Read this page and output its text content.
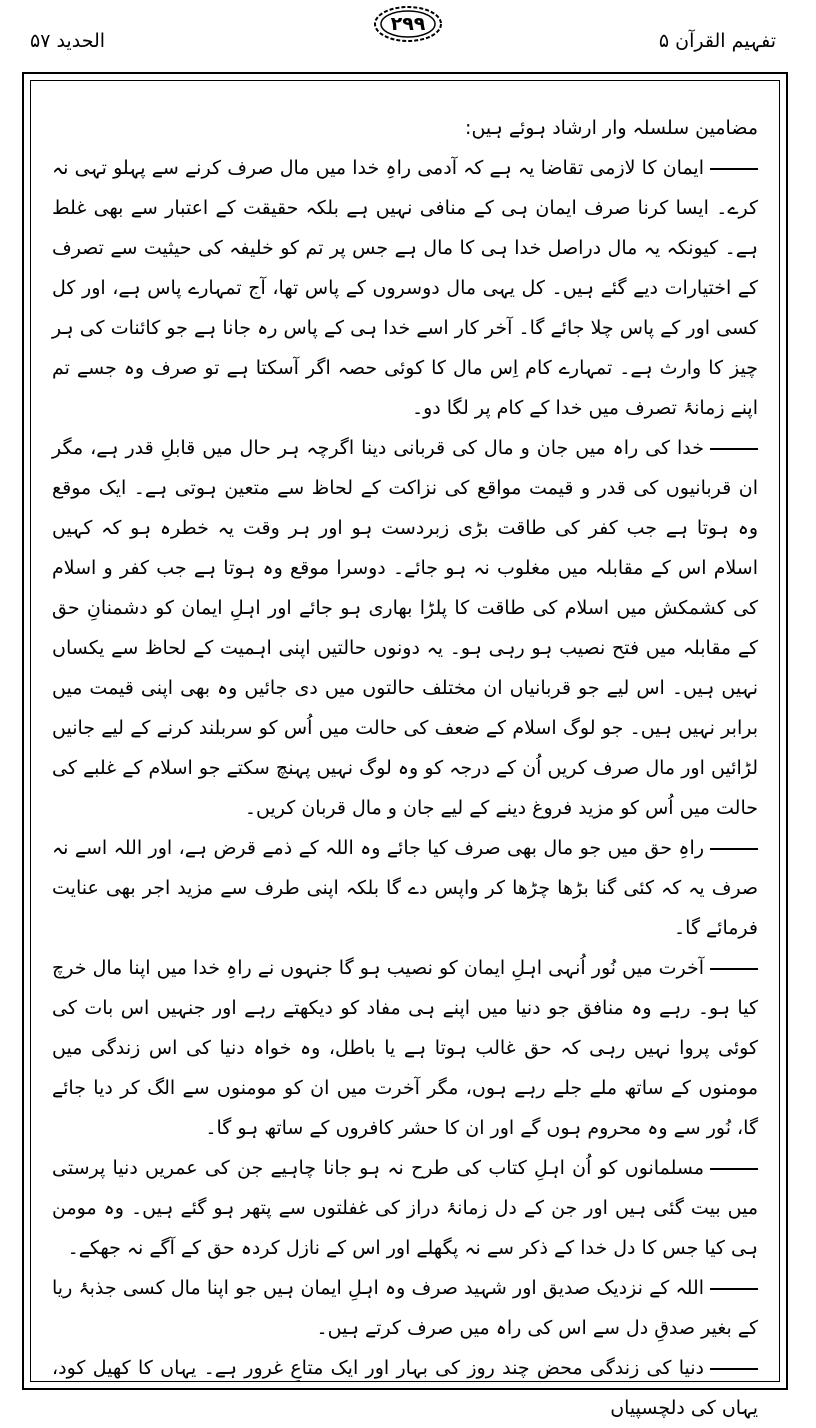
تفہیم القرآن ۵
۲۹۹
الحدید ۵۷

مضامین سلسلہ وار ارشاد ہوئے ہیں:

ایمان کا لازمی تقاضا یہ ہے کہ آدمی راہِ خدا میں مال صرف کرنے سے پہلو تہی نہ کرے۔ ایسا کرنا صرف ایمان ہی کے منافی نہیں ہے بلکہ حقیقت کے اعتبار سے بھی غلط ہے۔ کیونکہ یہ مال دراصل خدا ہی کا مال ہے جس پر تم کو خلیفہ کی حیثیت سے تصرف کے اختیارات دیے گئے ہیں۔ کل یہی مال دوسروں کے پاس تھا، آج تمہارے پاس ہے، اور کل کسی اور کے پاس چلا جائے گا۔ آخر کار اسے خدا ہی کے پاس رہ جانا ہے جو کائنات کی ہر چیز کا وارث ہے۔ تمہارے کام اِس مال کا کوئی حصہ اگر آسکتا ہے تو صرف وہ جسے تم اپنے زمانۂ تصرف میں خدا کے کام پر لگا دو۔

خدا کی راہ میں جان و مال کی قربانی دینا اگرچہ ہر حال میں قابلِ قدر ہے، مگر ان قربانیوں کی قدر و قیمت مواقع کی نزاکت کے لحاظ سے متعین ہوتی ہے۔ ایک موقع وہ ہوتا ہے جب کفر کی طاقت بڑی زبردست ہو اور ہر وقت یہ خطرہ ہو کہ کہیں اسلام اس کے مقابلہ میں مغلوب نہ ہو جائے۔ دوسرا موقع وہ ہوتا ہے جب کفر و اسلام کی کشمکش میں اسلام کی طاقت کا پلڑا بھاری ہو جائے اور اہلِ ایمان کو دشمنانِ حق کے مقابلہ میں فتح نصیب ہو رہی ہو۔ یہ دونوں حالتیں اپنی اہمیت کے لحاظ سے یکساں نہیں ہیں۔ اس لیے جو قربانیاں ان مختلف حالتوں میں دی جائیں وہ بھی اپنی قیمت میں برابر نہیں ہیں۔ جو لوگ اسلام کے ضعف کی حالت میں اُس کو سربلند کرنے کے لیے جانیں لڑائیں اور مال صرف کریں اُن کے درجہ کو وہ لوگ نہیں پہنچ سکتے جو اسلام کے غلبے کی حالت میں اُس کو مزید فروغ دینے کے لیے جان و مال قربان کریں۔

راہِ حق میں جو مال بھی صرف کیا جائے وہ اللہ کے ذمے قرض ہے، اور اللہ اسے نہ صرف یہ کہ کئی گنا بڑھا چڑھا کر واپس دے گا بلکہ اپنی طرف سے مزید اجر بھی عنایت فرمائے گا۔

آخرت میں نُور اُنہی اہلِ ایمان کو نصیب ہو گا جنہوں نے راہِ خدا میں اپنا مال خرچ کیا ہو۔ رہے وہ منافق جو دنیا میں اپنے ہی مفاد کو دیکھتے رہے اور جنہیں اس بات کی کوئی پروا نہیں رہی کہ حق غالب ہوتا ہے یا باطل، وہ خواہ دنیا کی اس زندگی میں مومنوں کے ساتھ ملے جلے رہے ہوں، مگر آخرت میں ان کو مومنوں سے الگ کر دیا جائے گا، نُور سے وہ محروم ہوں گے اور ان کا حشر کافروں کے ساتھ ہو گا۔

مسلمانوں کو اُن اہلِ کتاب کی طرح نہ ہو جانا چاہیے جن کی عمریں دنیا پرستی میں بیت گئی ہیں اور جن کے دل زمانۂ دراز کی غفلتوں سے پتھر ہو گئے ہیں۔ وہ مومن ہی کیا جس کا دل خدا کے ذکر سے نہ پگھلے اور اس کے نازل کردہ حق کے آگے نہ جھکے۔

اللہ کے نزدیک صدیق اور شہید صرف وہ اہلِ ایمان ہیں جو اپنا مال کسی جذبۂ ریا کے بغیر صدقِ دل سے اس کی راہ میں صرف کرتے ہیں۔

دنیا کی زندگی محض چند روز کی بہار اور ایک متاعِ غرور ہے۔ یہاں کا کھیل کود، یہاں کی دلچسپیاں
